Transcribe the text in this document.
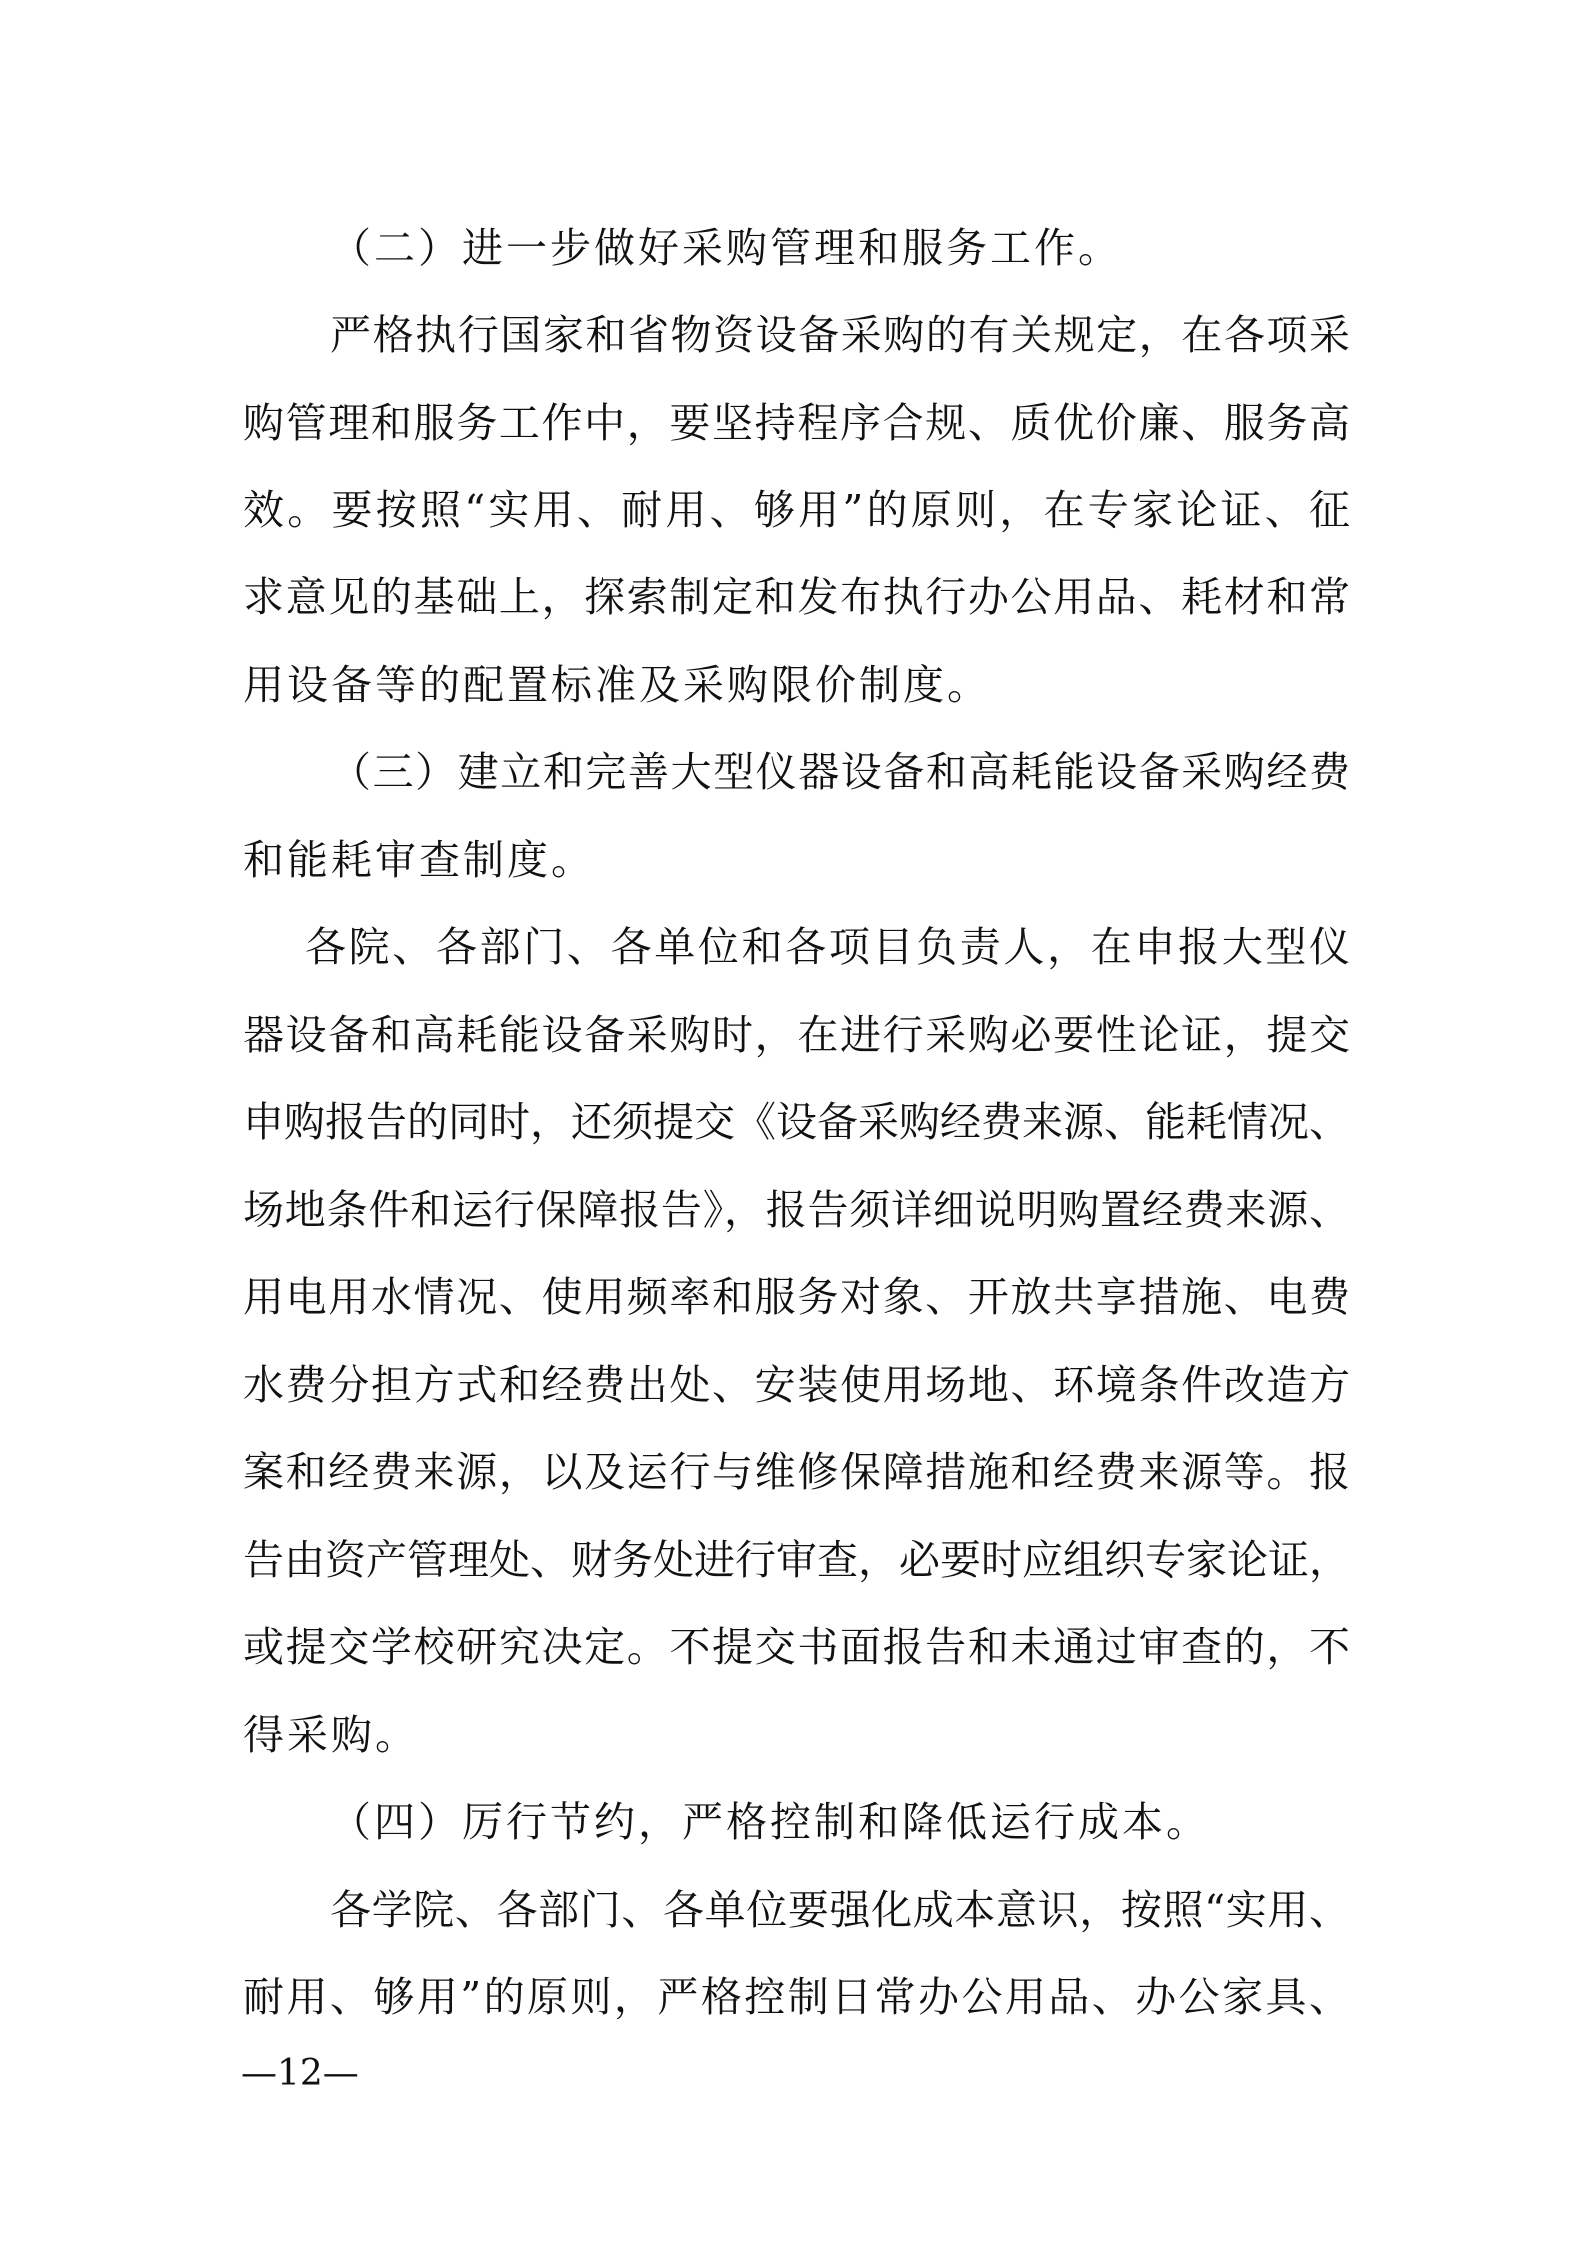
（二）进一步做好采购管理和服务工作。
严格执行国家和省物资设备采购的有关规定，在各项采
购管理和服务工作中，要坚持程序合规、质优价廉、服务高
效。要按照“实用、耐用、够用”的原则，在专家论证、征
求意见的基础上，探索制定和发布执行办公用品、耗材和常
用设备等的配置标准及采购限价制度。
（三）建立和完善大型仪器设备和高耗能设备采购经费
和能耗审查制度。
各院、各部门、各单位和各项目负责人，在申报大型仪
器设备和高耗能设备采购时，在进行采购必要性论证，提交
申购报告的同时，还须提交《设备采购经费来源、能耗情况、
场地条件和运行保障报告》，报告须详细说明购置经费来源、
用电用水情况、使用频率和服务对象、开放共享措施、电费
水费分担方式和经费出处、安装使用场地、环境条件改造方
案和经费来源，以及运行与维修保障措施和经费来源等。报
告由资产管理处、财务处进行审查，必要时应组织专家论证，
或提交学校研究决定。不提交书面报告和未通过审查的，不
得采购。
（四）厉行节约，严格控制和降低运行成本。
各学院、各部门、各单位要强化成本意识，按照“实用、
耐用、够用”的原则，严格控制日常办公用品、办公家具、
—12—
